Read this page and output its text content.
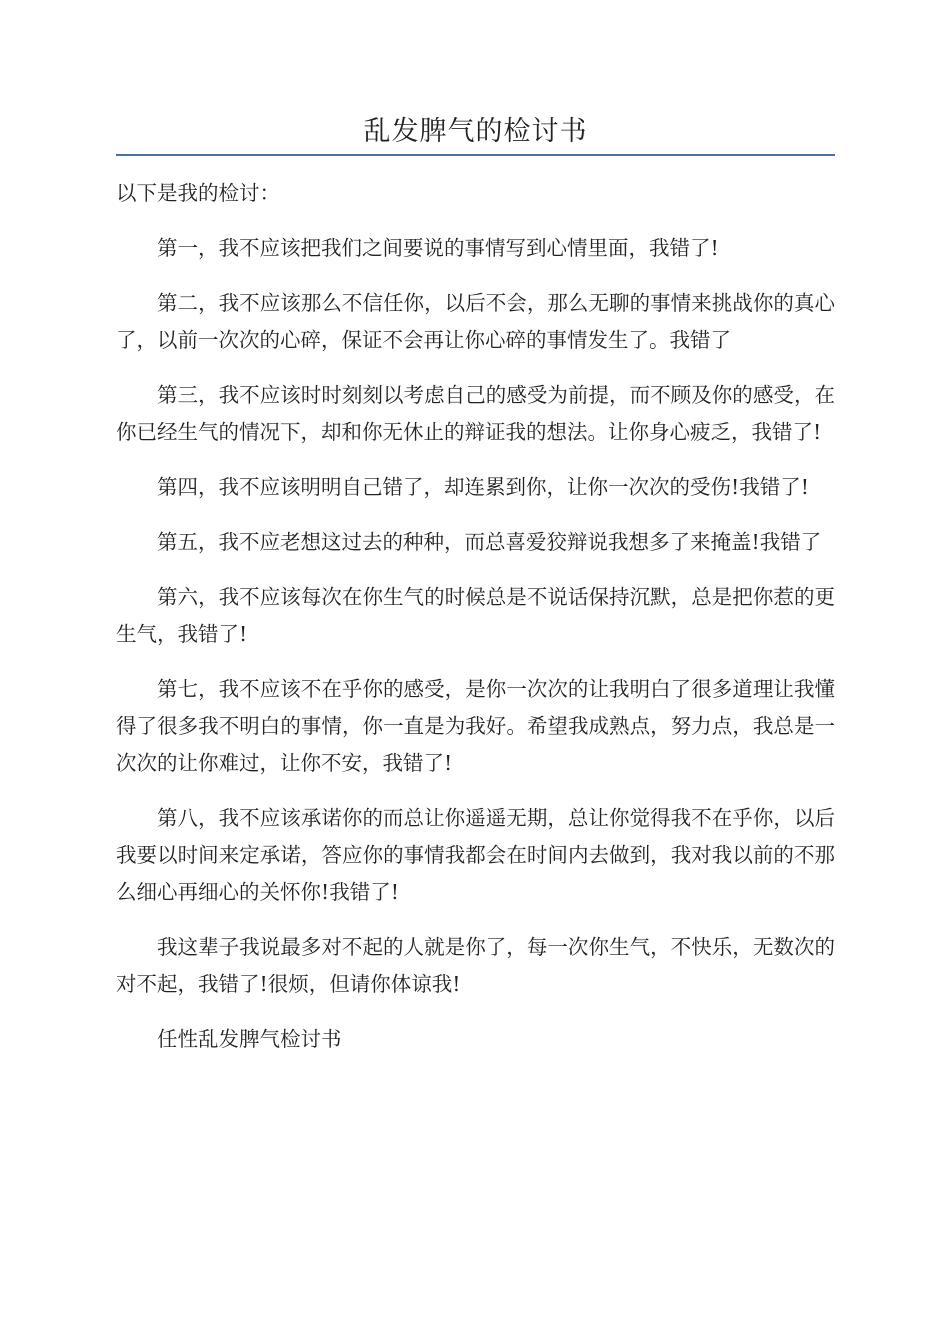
乱发脾气的检讨书

以下是我的检讨：

第一，我不应该把我们之间要说的事情写到心情里面，我错了!

第二，我不应该那么不信任你，以后不会，那么无聊的事情来挑战你的真心了，以前一次次的心碎，保证不会再让你心碎的事情发生了。我错了

第三，我不应该时时刻刻以考虑自己的感受为前提，而不顾及你的感受，在你已经生气的情况下，却和你无休止的辩证我的想法。让你身心疲乏，我错了!

第四，我不应该明明自己错了，却连累到你，让你一次次的受伤!我错了!

第五，我不应老想这过去的种种，而总喜爱狡辩说我想多了来掩盖!我错了

第六，我不应该每次在你生气的时候总是不说话保持沉默，总是把你惹的更生气，我错了!

第七，我不应该不在乎你的感受，是你一次次的让我明白了很多道理让我懂得了很多我不明白的事情，你一直是为我好。希望我成熟点，努力点，我总是一次次的让你难过，让你不安，我错了!

第八，我不应该承诺你的而总让你遥遥无期，总让你觉得我不在乎你，以后我要以时间来定承诺，答应你的事情我都会在时间内去做到，我对我以前的不那么细心再细心的关怀你!我错了!

我这辈子我说最多对不起的人就是你了，每一次你生气，不快乐，无数次的对不起，我错了!很烦，但请你体谅我!

任性乱发脾气检讨书
